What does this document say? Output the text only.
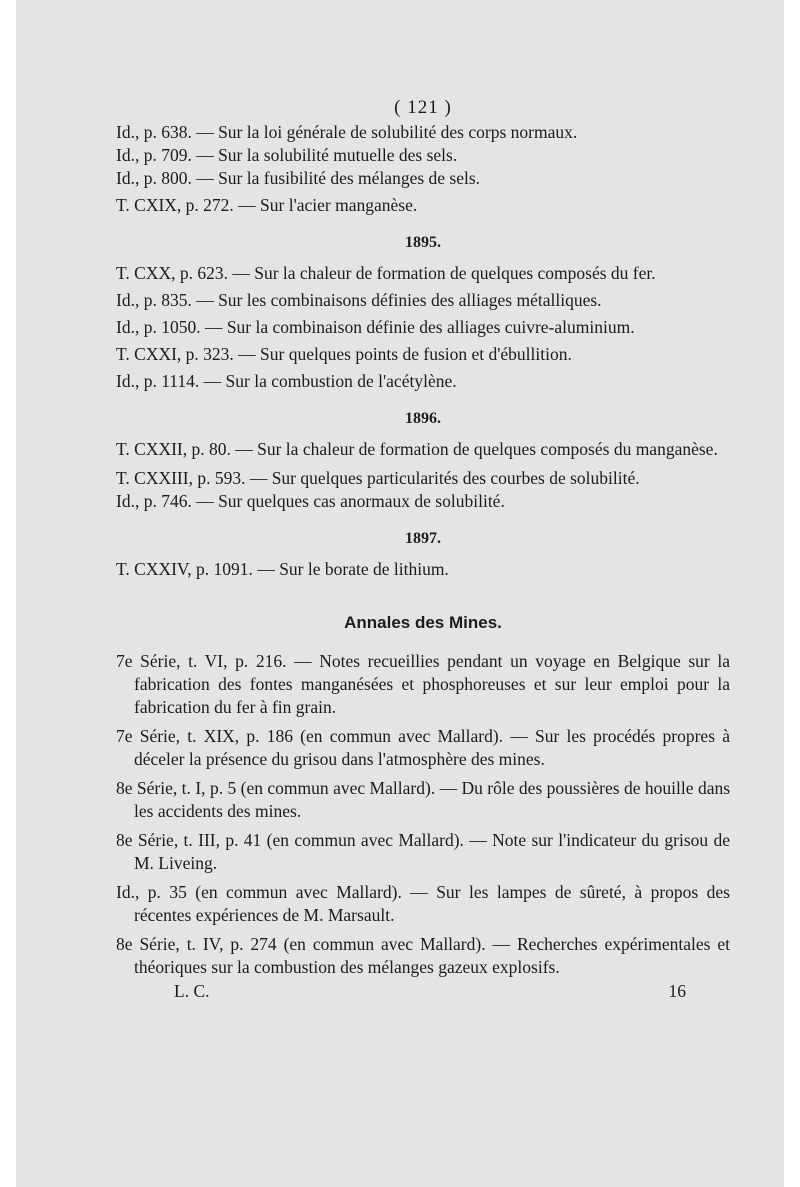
( 121 )

Id., p. 638. — Sur la loi générale de solubilité des corps normaux.

Id., p. 709. — Sur la solubilité mutuelle des sels.

Id., p. 800. — Sur la fusibilité des mélanges de sels.

T. CXIX, p. 272. — Sur l'acier manganèse.

1895.

T. CXX, p. 623. — Sur la chaleur de formation de quelques composés du fer.

Id., p. 835. — Sur les combinaisons définies des alliages métalliques.

Id., p. 1050. — Sur la combinaison définie des alliages cuivre-aluminium.

T. CXXI, p. 323. — Sur quelques points de fusion et d'ébullition.

Id., p. 1114. — Sur la combustion de l'acétylène.

1896.

T. CXXII, p. 80. — Sur la chaleur de formation de quelques composés du manganèse.

T. CXXIII, p. 593. — Sur quelques particularités des courbes de solubilité.

Id., p. 746. — Sur quelques cas anormaux de solubilité.

1897.

T. CXXIV, p. 1091. — Sur le borate de lithium.

Annales des Mines.

7e Série, t. VI, p. 216. — Notes recueillies pendant un voyage en Belgique sur la fabrication des fontes manganésées et phosphoreuses et sur leur emploi pour la fabrication du fer à fin grain.

7e Série, t. XIX, p. 186 (en commun avec Mallard). — Sur les procédés propres à déceler la présence du grisou dans l'atmosphère des mines.

8e Série, t. I, p. 5 (en commun avec Mallard). — Du rôle des poussières de houille dans les accidents des mines.

8e Série, t. III, p. 41 (en commun avec Mallard). — Note sur l'indicateur du grisou de M. Liveing.

Id., p. 35 (en commun avec Mallard). — Sur les lampes de sûreté, à propos des récentes expériences de M. Marsault.

8e Série, t. IV, p. 274 (en commun avec Mallard). — Recherches expérimentales et théoriques sur la combustion des mélanges gazeux explosifs.

L. C.	16
